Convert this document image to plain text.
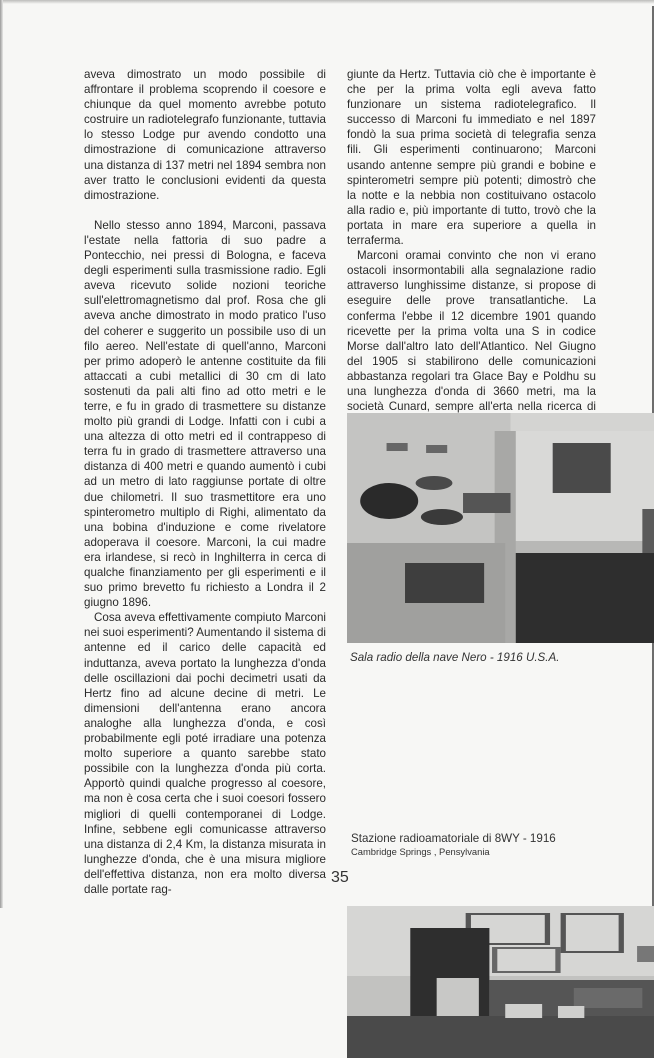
aveva dimostrato un modo possibile di affrontare il problema scoprendo il coesore e chiunque da quel momento avrebbe potuto costruire un radiotelegrafo funzionante, tuttavia lo stesso Lodge pur avendo condotto una dimostrazione di comunicazione attraverso una distanza di 137 metri nel 1894 sembra non aver tratto le conclusioni evidenti da questa dimostrazione.

Nello stesso anno 1894, Marconi, passava l'estate nella fattoria di suo padre a Pontecchio, nei pressi di Bologna, e faceva degli esperimenti sulla trasmissione radio. Egli aveva ricevuto solide nozioni teoriche sull'elettromagnetismo dal prof. Rosa che gli aveva anche dimostrato in modo pratico l'uso del coherer e suggerito un possibile uso di un filo aereo. Nell'estate di quell'anno, Marconi per primo adoperò le antenne costituite da fili attaccati a cubi metallici di 30 cm di lato sostenuti da pali alti fino ad otto metri e le terre, e fu in grado di trasmettere su distanze molto più grandi di Lodge. Infatti con i cubi a una altezza di otto metri ed il contrappeso di terra fu in grado di trasmettere attraverso una distanza di 400 metri e quando aumentò i cubi ad un metro di lato raggiunse portate di oltre due chilometri. Il suo trasmettitore era uno spinterometro multiplo di Righi, alimentato da una bobina d'induzione e come rivelatore adoperava il coesore. Marconi, la cui madre era irlandese, si recò in Inghilterra in cerca di qualche finanziamento per gli esperimenti e il suo primo brevetto fu richiesto a Londra il 2 giugno 1896.

Cosa aveva effettivamente compiuto Marconi nei suoi esperimenti? Aumentando il sistema di antenne ed il carico delle capacità ed induttanza, aveva portato la lunghezza d'onda delle oscillazioni dai pochi decimetri usati da Hertz fino ad alcune decine di metri. Le dimensioni dell'antenna erano ancora analoghe alla lunghezza d'onda, e così probabilmente egli poté irradiare una potenza molto superiore a quanto sarebbe stato possibile con la lunghezza d'onda più corta. Apportò quindi qualche progresso al coesore, ma non è cosa certa che i suoi coesori fossero migliori di quelli contemporanei di Lodge. Infine, sebbene egli comunicasse attraverso una distanza di 2,4 Km, la distanza misurata in lunghezze d'onda, che è una misura migliore dell'effettiva distanza, non era molto diversa dalle portate rag-

giunte da Hertz. Tuttavia ciò che è importante è che per la prima volta egli aveva fatto funzionare un sistema radiotelegrafico. Il successo di Marconi fu immediato e nel 1897 fondò la sua prima società di telegrafia senza fili. Gli esperimenti continuarono; Marconi usando antenne sempre più grandi e bobine e spinterometri sempre più potenti; dimostrò che la notte e la nebbia non costituivano ostacolo alla radio e, più importante di tutto, trovò che la portata in mare era superiore a quella in terraferma.

Marconi oramai convinto che non vi erano ostacoli insormontabili alla segnalazione radio attraverso lunghissime distanze, si propose di eseguire delle prove transatlantiche. La conferma l'ebbe il 12 dicembre 1901 quando ricevette per la prima volta una S in codice Morse dall'altro lato dell'Atlantico. Nel Giugno del 1905 si stabilirono delle comunicazioni abbastanza regolari tra Glace Bay e Poldhu su una lunghezza d'onda di 3660 metri, ma la società Cunard, sempre all'erta nella ricerca di

Sala radio della nave Nero - 1916 U.S.A.
Stazione radioamatoriale di 8WY - 1916
Cambridge Springs , Pensylvania
35
